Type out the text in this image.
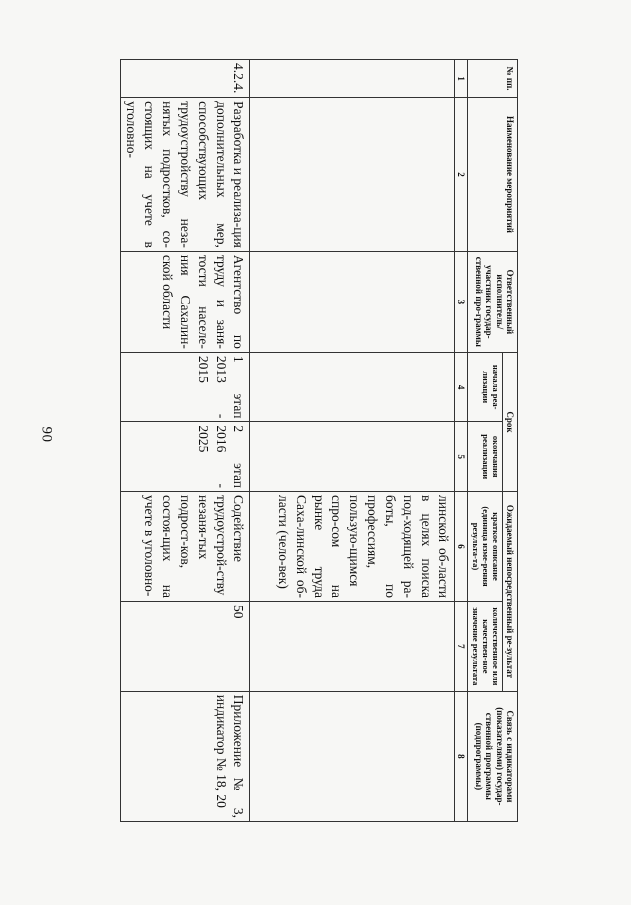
90
№ пп.	Наименование мероприятий	Ответственный исполнитель/ участник государ-ственной про-граммы	Срок		Ожидаемый непосредственный ре-зультат		Связь с индикаторами (показателями) государ-ственной программы (подпрограммы)
			начала реа-лизации	окончания реализации	краткое описание (единица изме-рения результа-та)	количественное или качествен-ное значение результата	
1	2	3	4	5	6	7	8
					линской об-ласти в целях поиска под-ходящей ра-боты, по профессиям, пользую-щимся спро-сом на рынке труда Саха-линской об-ласти (чело-век)		
4.2.4.	Разработка и реализа-ция дополнительных мер, способствующих трудоустройству неза-нятых подростков, со-стоящих на учете в уголовно-	Агентство по труду и заня-тости населе-ния Сахалин-ской области	1 этап 2013 - 2015	2 этап 2016 - 2025	Содействие трудоустрой-ству незаня-тых подрост-ков, состоя-щих на учете в уголовно-	50	Приложение № 3, индикатор № 18, 20
